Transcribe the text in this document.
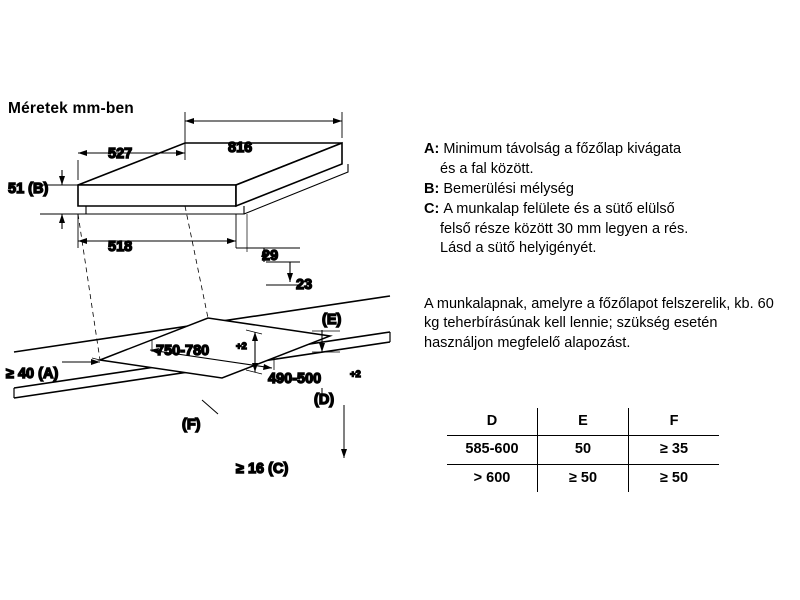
Méretek mm-ben
816
527
51 (B)
518
29
23
750-780	+2
490-500	+2
≥ 40 (A)
≥ 16 (C)
(D)
(E)
(F)
A : Minimum távolság a főzőlap kivágata
és a fal között.
B : Bemerülési mélység
C : A munkalap felülete és a sütő elülső
felső része között 30 mm legyen a rés.
Lásd a sütő helyigényét.
A munkalapnak, amelyre a főzőlapot felszerelik, kb. 60 kg teherbírásúnak kell lennie; szükség esetén használjon megfelelő alapozást.
D	E	F
585-600	50	≥ 35
> 600	≥ 50	≥ 50
